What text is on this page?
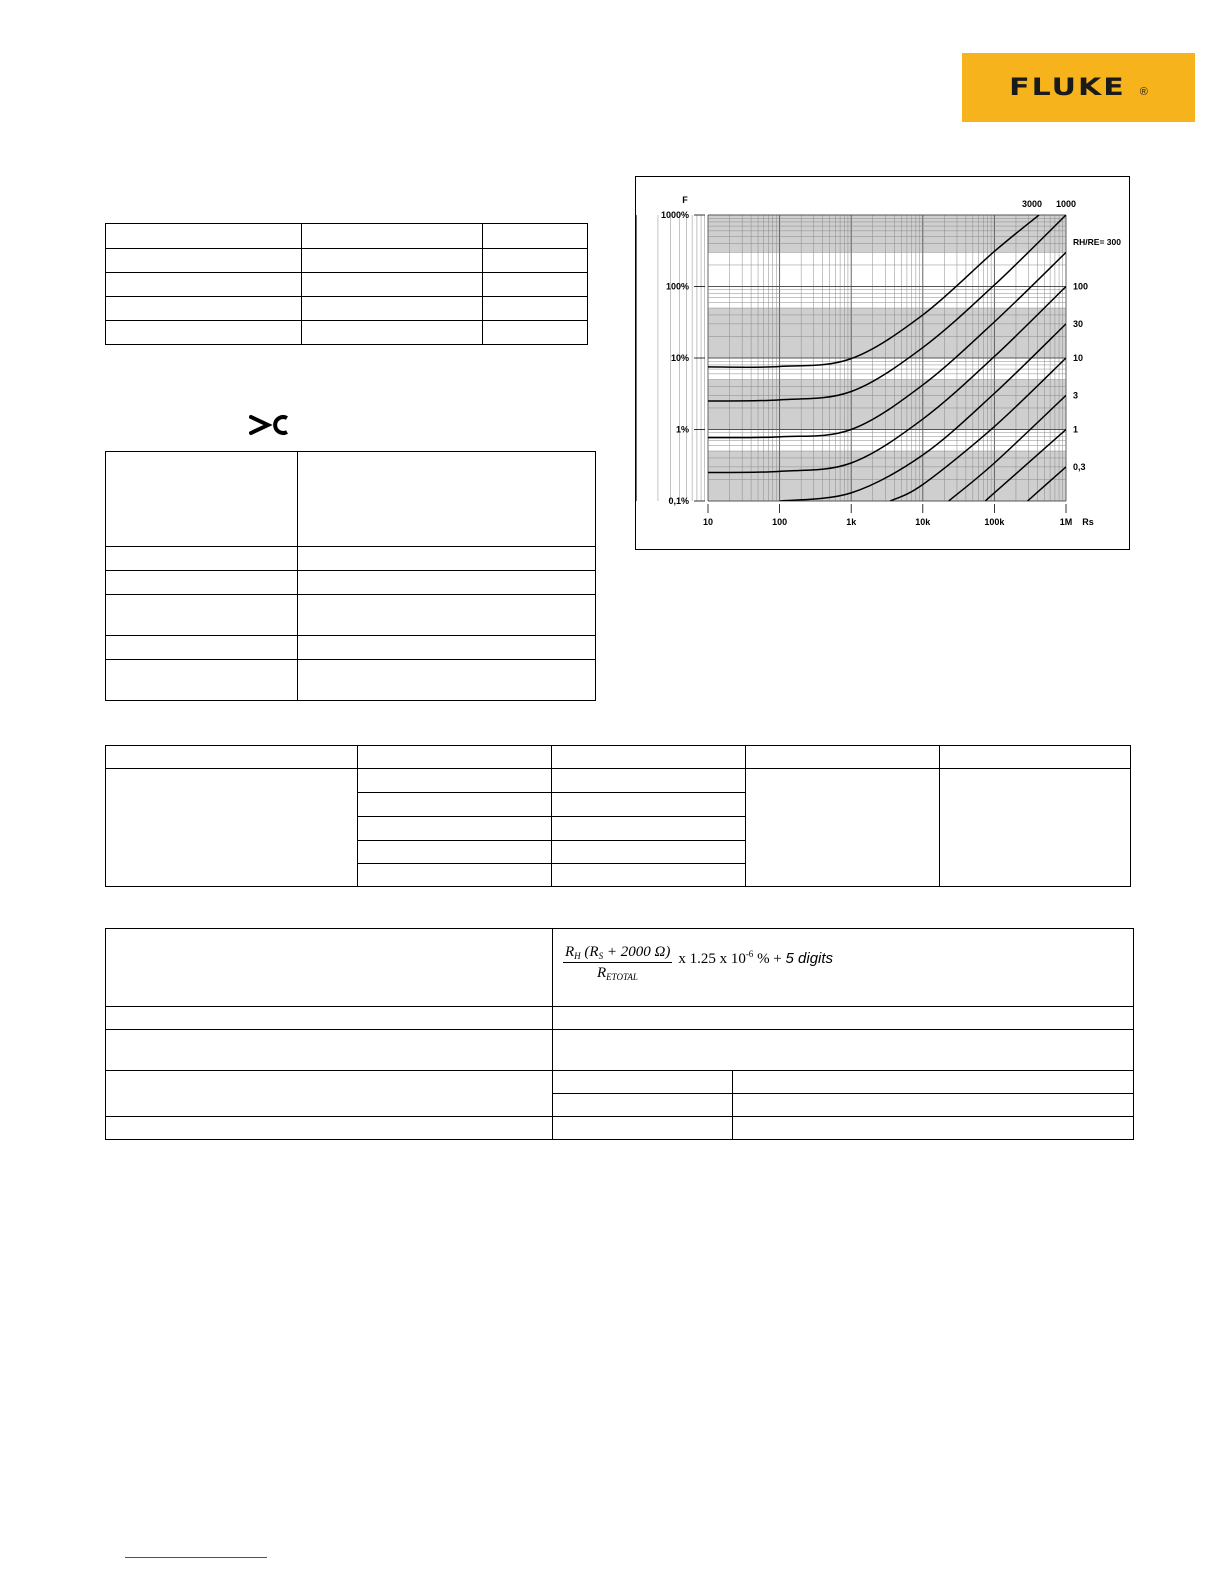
FLUKE ®

1000%
100%
10%
1%
0,1%
10	100	1k	10k	100k	1M
F
Rs
3000 1000
RH/RE= 300
100
30
10
3
1
0,3

$\frac{R_H (R_S + 2000 \Omega)}{R_{ETOTAL}}$ x 1.25 x $10^{-6}$ % + 5 digits
